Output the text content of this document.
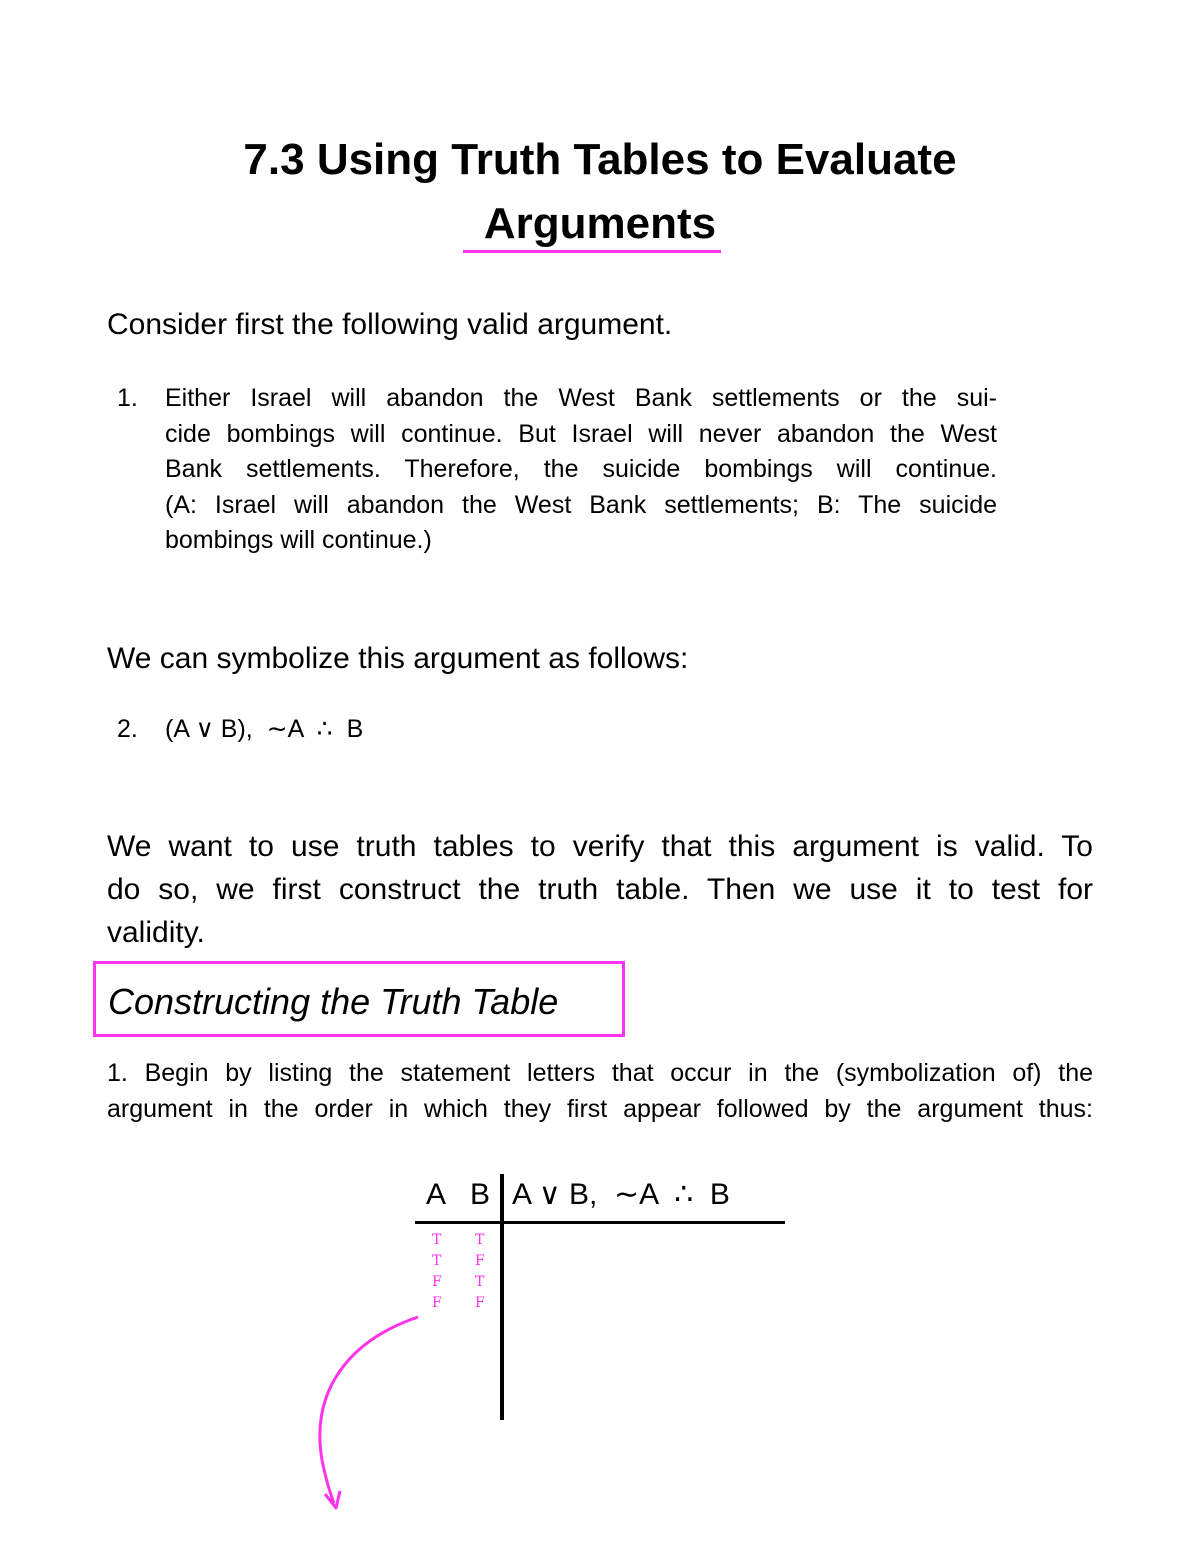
7.3 Using Truth Tables to Evaluate
Arguments
Consider first the following valid argument.
1. Either Israel will abandon the West Bank settlements or the sui-
cide bombings will continue. But Israel will never abandon the West
Bank settlements. Therefore, the suicide bombings will continue.
(A: Israel will abandon the West Bank settlements; B: The suicide
bombings will continue.)
We can symbolize this argument as follows:
2. (A ∨ B),  ∼A  ∴  B
We want to use truth tables to verify that this argument is valid. To
do so, we first construct the truth table. Then we use it to test for
validity.
Constructing the Truth Table
1. Begin by listing the statement letters that occur in the (symbolization of) the
argument in the order in which they first appear followed by the argument thus:
A B A ∨ B,  ∼A  ∴  B
T
T
F
F
T
F
T
F
